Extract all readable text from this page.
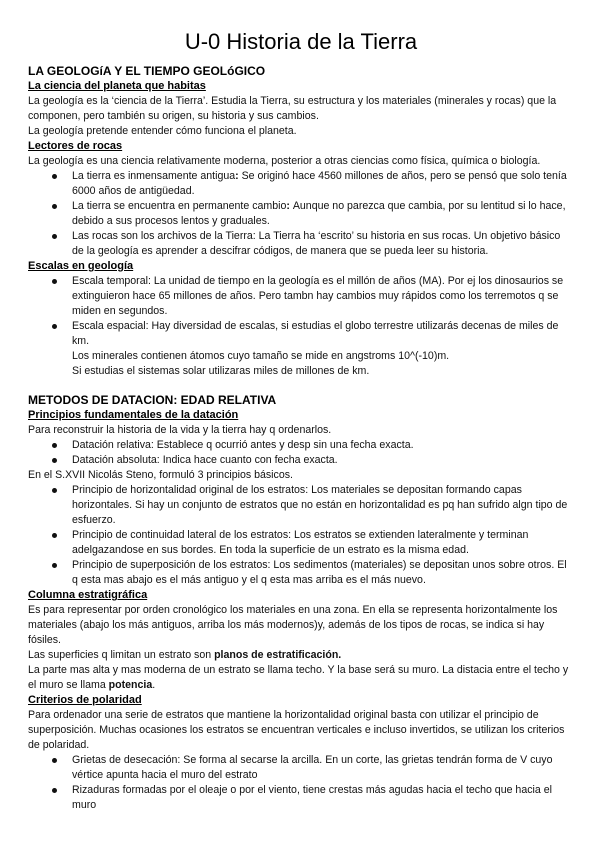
U-0 Historia de la Tierra
LA GEOLOGíA Y EL TIEMPO GEOLóGICO
La ciencia del planeta que habitas

La geología es la ‘ciencia de la Tierra’. Estudia la Tierra, su estructura y los materiales (minerales y rocas) que la componen, pero también su origen, su historia y sus cambios.

La geología pretende entender cómo funciona el planeta.

Lectores de rocas

La geología es una ciencia relativamente moderna, posterior a otras ciencias como física, química o biología.

La tierra es inmensamente antigua: Se originó hace 4560 millones de años, pero se pensó que solo tenía 6000 años de antigüedad.
La tierra se encuentra en permanente cambio: Aunque no parezca que cambia, por su lentitud si lo hace, debido a sus procesos lentos y graduales.
Las rocas son los archivos de la Tierra: La Tierra ha ‘escrito’ su historia en sus rocas. Un objetivo básico de la geología es aprender a descifrar códigos, de manera que se pueda leer su historia.
Escalas en geología
Escala temporal: La unidad de tiempo en la geología es el millón de años (MA). Por ej los dinosaurios se extinguieron hace 65 millones de años. Pero tambn hay cambios muy rápidos como los terremotos q se miden en segundos.
Escala espacial: Hay diversidad de escalas, si estudias el globo terrestre utilizarás decenas de miles de km.
Los minerales contienen átomos cuyo tamaño se mide en angstroms 10^(-10)m.
Si estudias el sistemas solar utilizaras miles de millones de km.
METODOS DE DATACION: EDAD RELATIVA
Principios fundamentales de la datación

Para reconstruir la historia de la vida y la tierra hay q ordenarlos.

Datación relativa: Establece q ocurrió antes y desp sin una fecha exacta.
Datación absoluta: Indica hace cuanto con fecha exacta.

En el S.XVII Nicolás Steno, formuló 3 principios básicos.

Principio de horizontalidad original de los estratos: Los materiales se depositan formando capas horizontales. Si hay un conjunto de estratos que no están en horizontalidad es pq han sufrido algn tipo de esfuerzo.
Principio de continuidad lateral de los estratos: Los estratos se extienden lateralmente y terminan adelgazandose en sus bordes. En toda la superficie de un estrato es la misma edad.
Principio de superposición de los estratos: Los sedimentos (materiales) se depositan unos sobre otros. El q esta mas abajo es el más antiguo y el q esta mas arriba es el más nuevo.
Columna estratigráfica

Es para representar por orden cronológico los materiales en una zona. En ella se representa horizontalmente los materiales (abajo los más antiguos, arriba los más modernos)y, además de los tipos de rocas, se indica si hay fósiles.

Las superficies q limitan un estrato son planos de estratificación.

La parte mas alta y mas moderna de un estrato se llama techo. Y la base será su muro. La distacia entre el techo y el muro se llama potencia.

Criterios de polaridad

Para ordenador una serie de estratos que mantiene la horizontalidad original basta con utilizar el principio de superposición. Muchas ocasiones los estratos se encuentran verticales e incluso invertidos, se utilizan los criterios de polaridad.

Grietas de desecación: Se forma al secarse la arcilla. En un corte, las grietas tendrán forma de V cuyo vértice apunta hacia el muro del estrato
Rizaduras formadas por el oleaje o por el viento, tiene crestas más agudas hacia el techo que hacia el muro
